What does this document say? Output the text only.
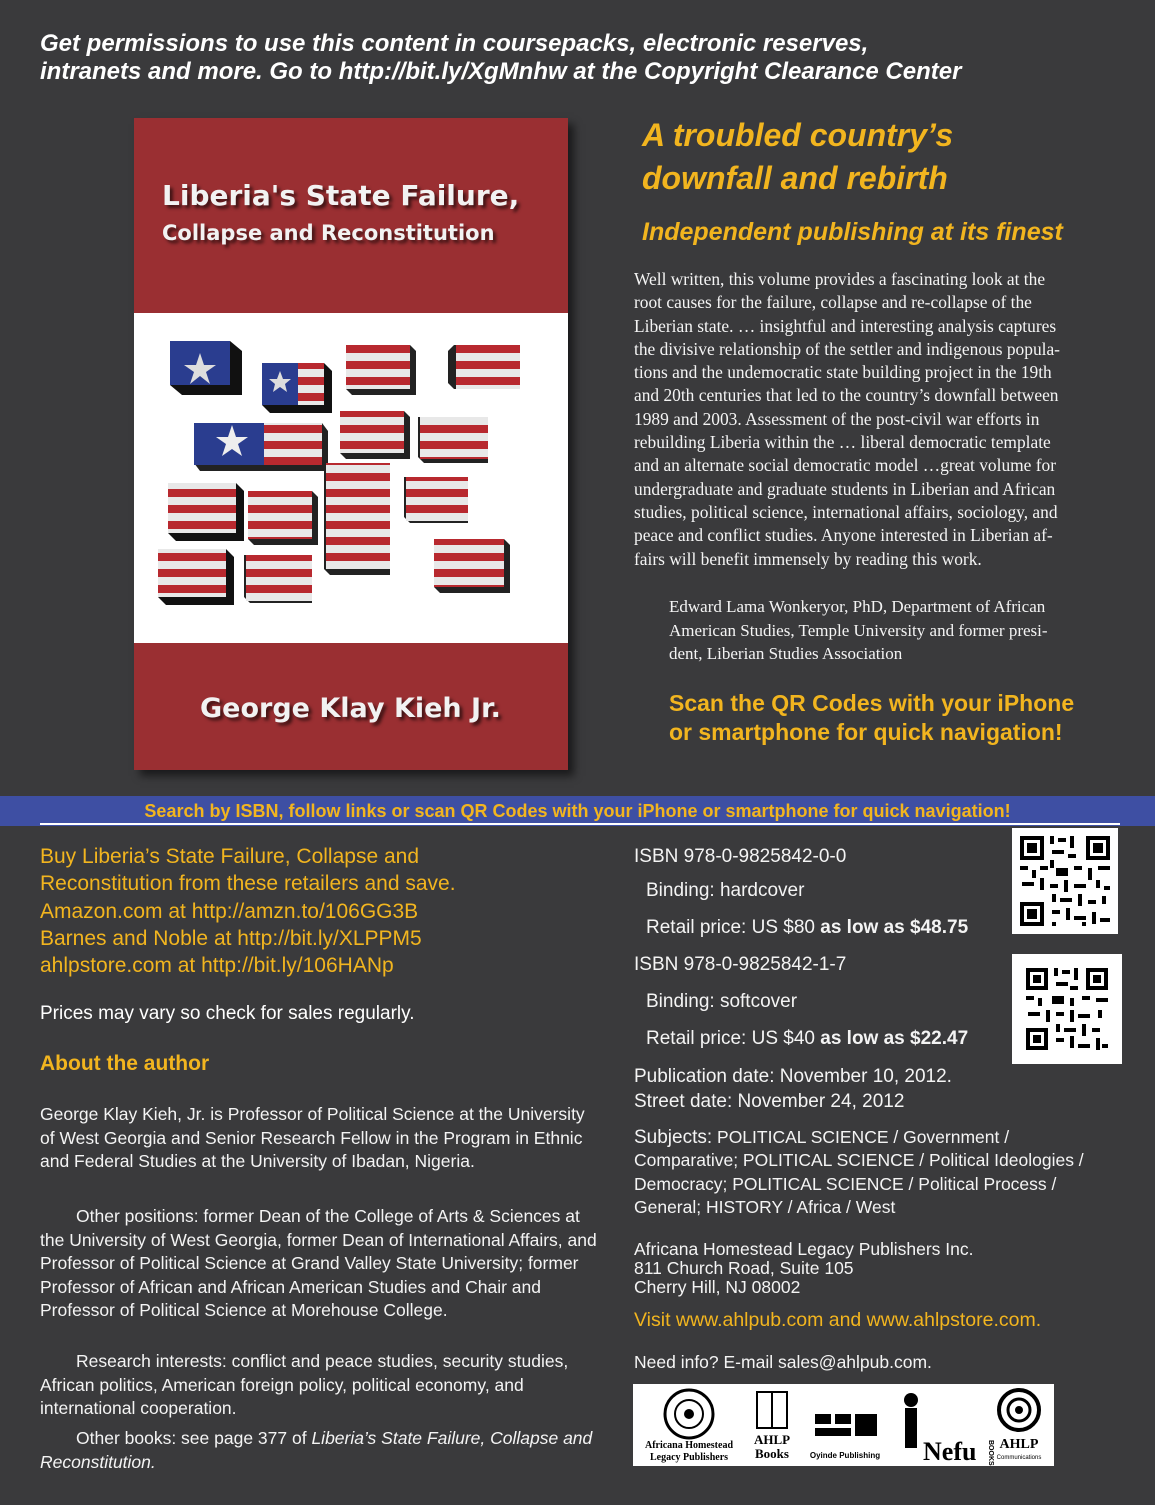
Get permissions to use this content in coursepacks, electronic reserves,
intranets and more. Go to http://bit.ly/XgMnhw at the Copyright Clearance Center
Liberia's State Failure,
Collapse and Reconstitution
George Klay Kieh Jr.
A troubled country’s
downfall and rebirth
Independent publishing at its finest
Well written, this volume provides a fascinating look at the
root causes for the failure, collapse and re-collapse of the
Liberian state. … insightful and interesting analysis captures
the divisive relationship of the settler and indigenous popula-
tions and the undemocratic state building project in the 19th
and 20th centuries that led to the country’s downfall between
1989 and 2003. Assessment of the post-civil war efforts in
rebuilding Liberia within the … liberal democratic template
and an alternate social democratic model …great volume for
undergraduate and graduate students in Liberian and African
studies, political science, international affairs, sociology, and
peace and conflict studies. Anyone interested in Liberian af-
fairs will benefit immensely by reading this work.
Edward Lama Wonkeryor, PhD, Department of African
American Studies, Temple University and former presi-
dent, Liberian Studies Association
Scan the QR Codes with your iPhone
or smartphone for quick navigation!
Search by ISBN, follow links or scan QR Codes with your iPhone or smartphone for quick navigation!
Buy Liberia’s State Failure, Collapse and
Reconstitution from these retailers and save.
Amazon.com at http://amzn.to/106GG3B
Barnes and Noble at http://bit.ly/XLPPM5
ahlpstore.com at http://bit.ly/106HANp
Prices may vary so check for sales regularly.
About the author
George Klay Kieh, Jr. is Professor of Political Science at the University of West Georgia and Senior Research Fellow in the Program in Ethnic and Federal Studies at the University of Ibadan, Nigeria.
Other positions: former Dean of the College of Arts & Sciences at the University of West Georgia, former Dean of International Affairs, and Professor of Political Science at Grand Valley State University; former Professor of African and African American Studies and Chair and Professor of Political Science at Morehouse College.
Research interests: conflict and peace studies, security studies, African politics, American foreign policy, political economy, and international cooperation.
Other books: see page 377 of Liberia’s State Failure, Collapse and Reconstitution.
ISBN 978-0-9825842-0-0
Binding: hardcover
Retail price: US $80 as low as $48.75
ISBN 978-0-9825842-1-7
Binding: softcover
Retail price: US $40 as low as $22.47
Publication date: November 10, 2012.
Street date: November 24, 2012
Subjects: POLITICAL SCIENCE / Government / Comparative; POLITICAL SCIENCE / Political Ideologies / Democracy; POLITICAL SCIENCE / Political Process / General; HISTORY / Africa / West
Africana Homestead Legacy Publishers Inc.
811 Church Road, Suite 105
Cherry Hill, NJ 08002
Visit www.ahlpub.com and www.ahlpstore.com.
Need info? E-mail sales@ahlpub.com.
Africana Homestead
Legacy Publishers
AHLP
Books	Oyinde Publishing Nefu BOOKS AHLP
Communications
